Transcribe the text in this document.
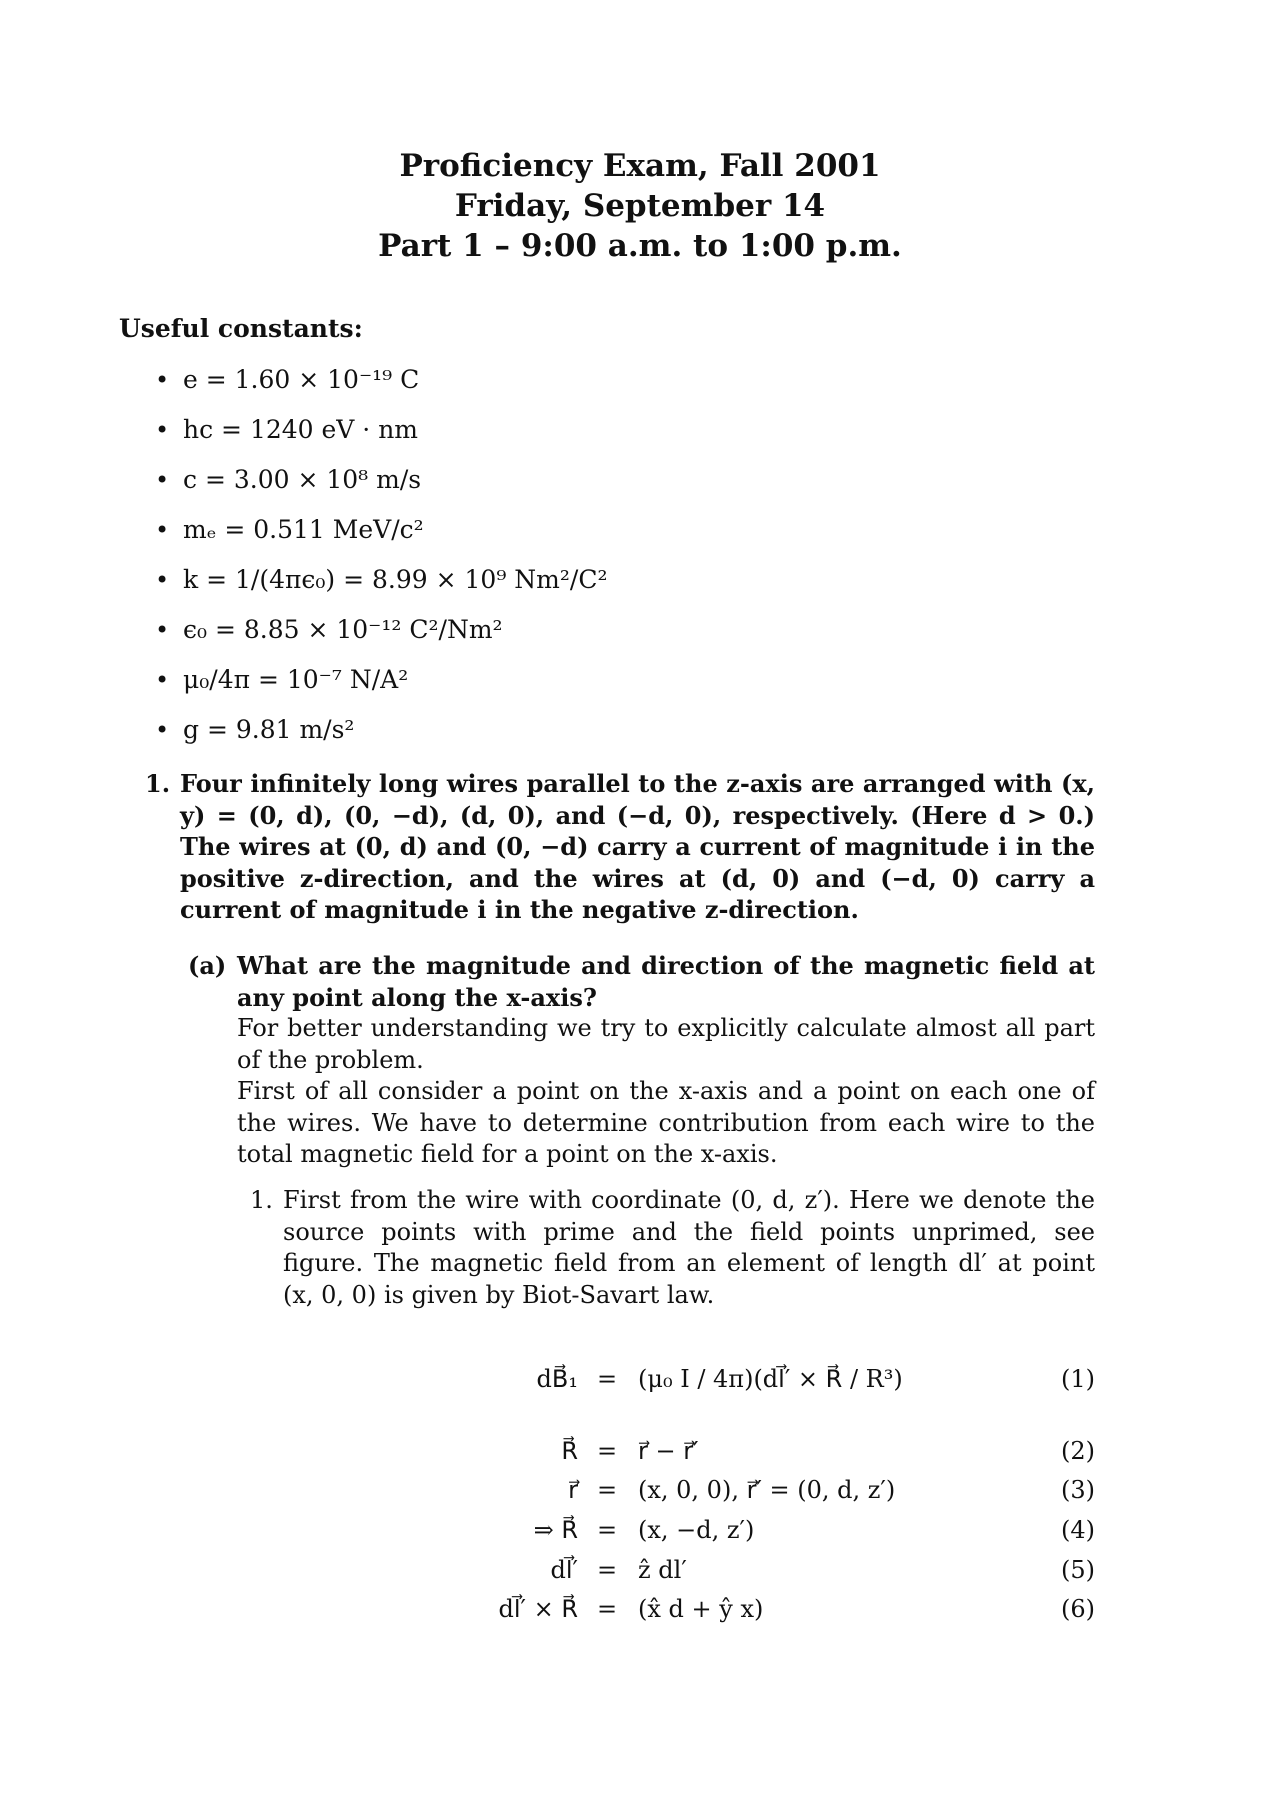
Proficiency Exam, Fall 2001
Friday, September 14
Part 1 – 9:00 a.m. to 1:00 p.m.
Useful constants:
• e = 1.60 × 10⁻¹⁹ C
• hc = 1240 eV · nm
• c = 3.00 × 10⁸ m/s
• mₑ = 0.511 MeV/c²
• k = 1/(4πϵ₀) = 8.99 × 10⁹ Nm²/C²
• ϵ₀ = 8.85 × 10⁻¹² C²/Nm²
• μ₀/4π = 10⁻⁷ N/A²
• g = 9.81 m/s²
1. Four infinitely long wires parallel to the z-axis are arranged with (x, y) = (0, d), (0, −d), (d, 0), and (−d, 0), respectively. (Here d > 0.) The wires at (0, d) and (0, −d) carry a current of magnitude i in the positive z-direction, and the wires at (d, 0) and (−d, 0) carry a current of magnitude i in the negative z-direction.
(a) What are the magnitude and direction of the magnetic field at any point along the x-axis?
For better understanding we try to explicitly calculate almost all part of the problem.
First of all consider a point on the x-axis and a point on each one of the wires. We have to determine contribution from each wire to the total magnetic field for a point on the x-axis.
1. First from the wire with coordinate (0, d, z′). Here we denote the source points with prime and the field points unprimed, see figure. The magnetic field from an element of length dl′ at point (x, 0, 0) is given by Biot-Savart law.
dB⃗₁ = (μ₀ I / 4π)(dl⃗′ × R⃗ / R³)	(1)
R⃗ = r⃗ − r⃗′	(2)
r⃗ = (x, 0, 0), r⃗′ = (0, d, z′)	(3)
⇒ R⃗ = (x, −d, z′)	(4)
dl⃗′ = ẑ dl′	(5)
dl⃗′ × R⃗ = (x̂ d + ŷ x)	(6)
